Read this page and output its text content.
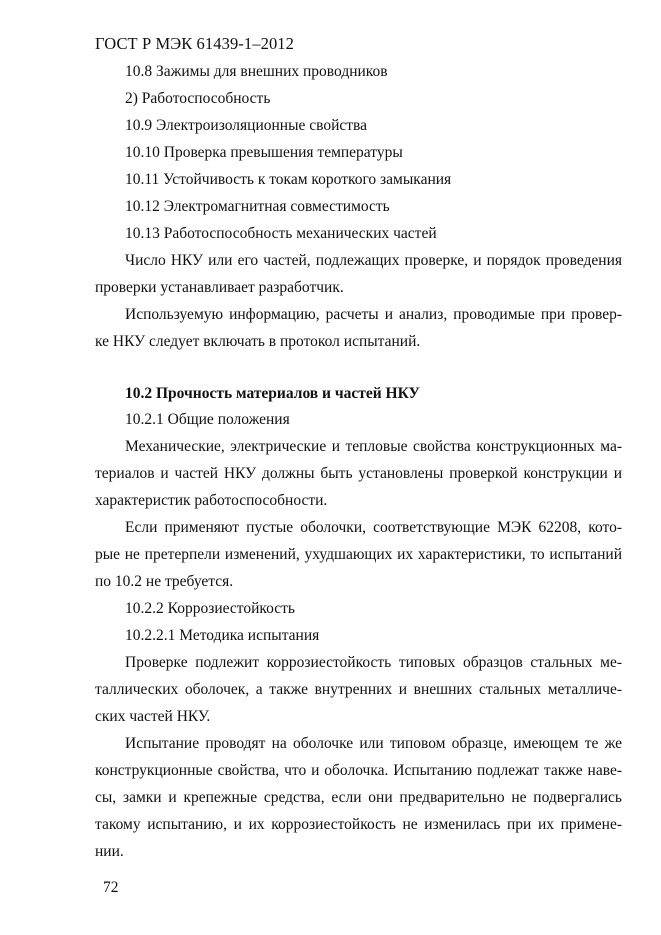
ГОСТ Р МЭК 61439-1–2012
10.8 Зажимы для внешних проводников
2) Работоспособность
10.9 Электроизоляционные свойства
10.10 Проверка превышения температуры
10.11 Устойчивость к токам короткого замыкания
10.12 Электромагнитная совместимость
10.13 Работоспособность механических частей
Число НКУ или его частей, подлежащих проверке, и порядок проведения
проверки устанавливает разработчик.
Используемую информацию, расчеты и анализ, проводимые при провер-
ке НКУ следует включать в протокол испытаний.
10.2 Прочность материалов и частей НКУ
10.2.1 Общие положения
Механические, электрические и тепловые свойства конструкционных ма-
териалов и частей НКУ должны быть установлены проверкой конструкции и
характеристик работоспособности.
Если применяют пустые оболочки, соответствующие МЭК 62208, кото-
рые не претерпели изменений, ухудшающих их характеристики, то испытаний
по 10.2 не требуется.
10.2.2 Коррозиестойкость
10.2.2.1 Методика испытания
Проверке подлежит коррозиестойкость типовых образцов стальных ме-
таллических оболочек, а также внутренних и внешних стальных металличе-
ских частей НКУ.
Испытание проводят на оболочке или типовом образце, имеющем те же
конструкционные свойства, что и оболочка. Испытанию подлежат также наве-
сы, замки и крепежные средства, если они предварительно не подвергались
такому испытанию, и их коррозиестойкость не изменилась при их примене-
нии.
72
